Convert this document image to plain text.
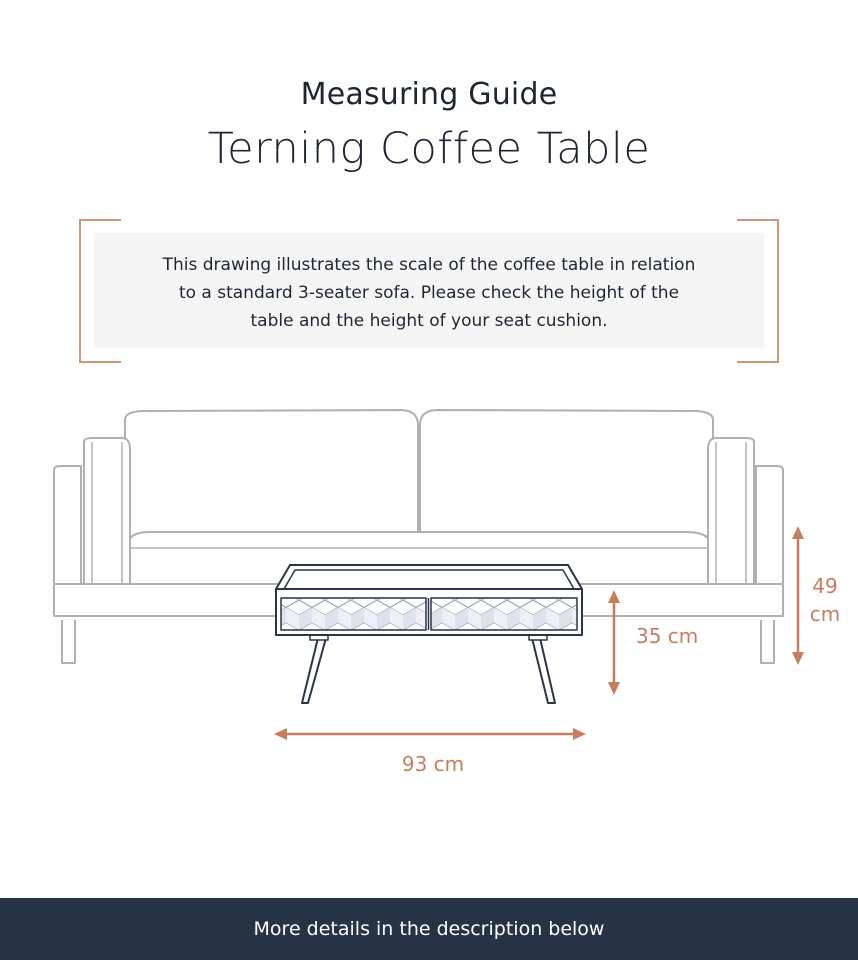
Measuring Guide
Terning Coffee Table

This drawing illustrates the scale of the coffee table in relation
to a standard 3-seater sofa. Please check the height of the
table and the height of your seat cushion.

49
cm
35 cm
93 cm

More details in the description below
